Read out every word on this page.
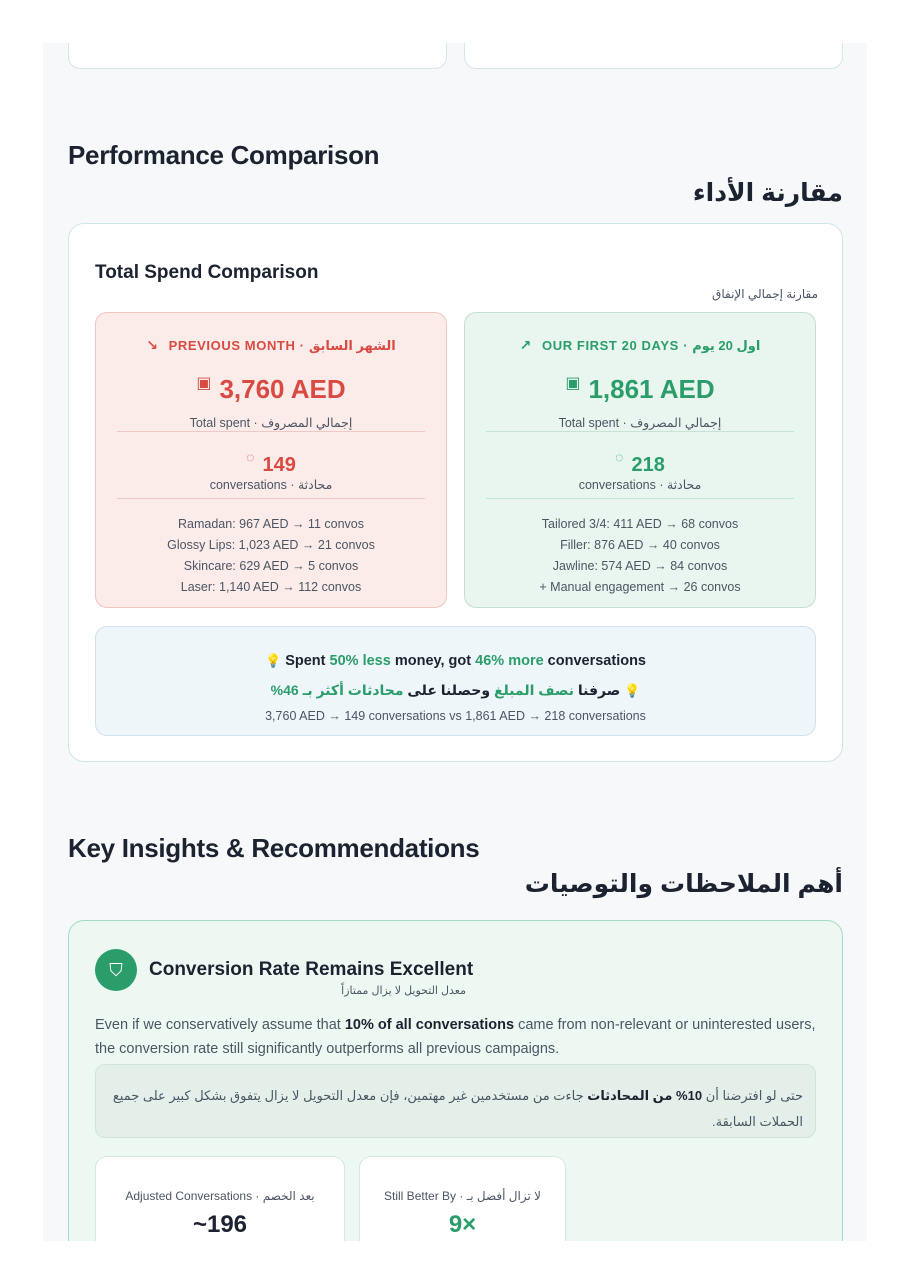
Performance Comparison
مقارنة الأداء
Total Spend Comparison
مقارنة إجمالي الإنفاق
↘ PREVIOUS MONTH · الشهر السابق
▣ 3,760 AED
Total spent · إجمالي المصروف
◌ 149
conversations · محادثة
Ramadan: 967 AED → 11 convos
Glossy Lips: 1,023 AED → 21 convos
Skincare: 629 AED → 5 convos
Laser: 1,140 AED → 112 convos
↗ OUR FIRST 20 DAYS · اول 20 يوم
▣ 1,861 AED
Total spent · إجمالي المصروف
◌ 218
conversations · محادثة
Tailored 3/4: 411 AED → 68 convos
Filler: 876 AED → 40 convos
Jawline: 574 AED → 84 convos
+ Manual engagement → 26 convos
💡 Spent 50% less money, got 46% more conversations
💡 صرفنا نصف المبلغ وحصلنا على محادثات أكثر بـ 46%
3,760 AED → 149 conversations vs 1,861 AED → 218 conversations
Key Insights & Recommendations
أهم الملاحظات والتوصيات
⛉	Conversion Rate Remains Excellent
معدل التحويل لا يزال ممتازاً
Even if we conservatively assume that 10% of all conversations came from non-relevant or uninterested users, the conversion rate still significantly outperforms all previous campaigns.
حتى لو افترضنا أن 10% من المحادثات جاءت من مستخدمين غير مهتمين، فإن معدل التحويل لا يزال يتفوق بشكل كبير على جميع الحملات السابقة.
Adjusted Conversations · بعد الخصم
~196
Still Better By · لا تزال أفضل بـ
9×
